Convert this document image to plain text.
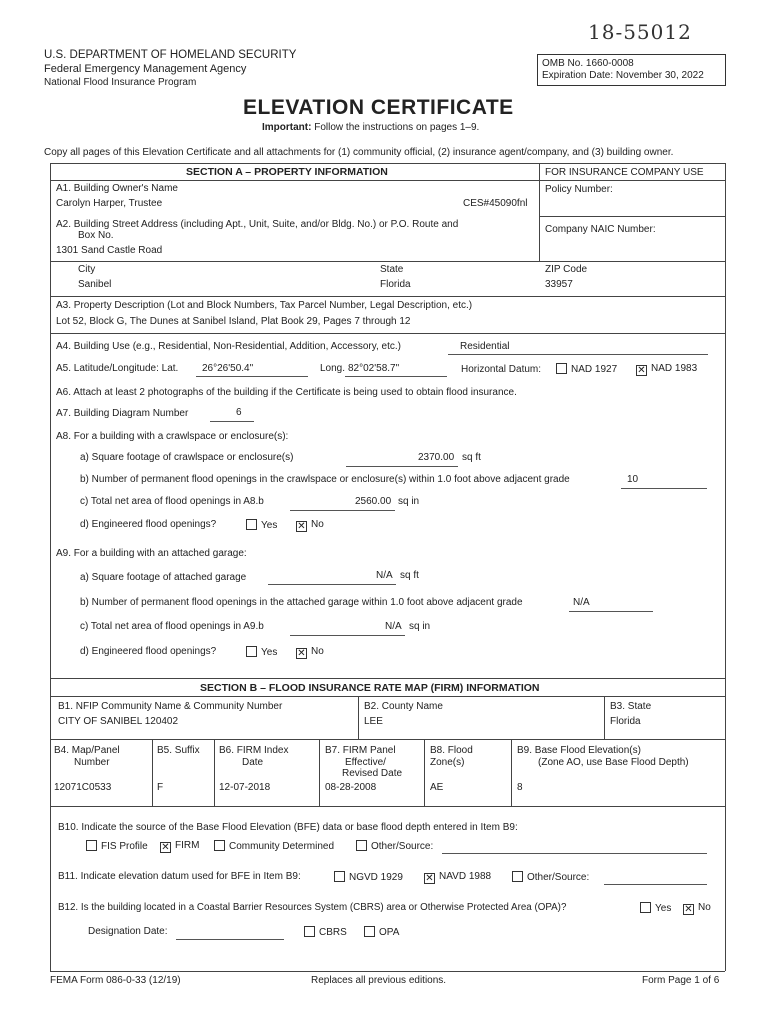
18-55012
U.S. DEPARTMENT OF HOMELAND SECURITY
Federal Emergency Management Agency
National Flood Insurance Program
OMB No. 1660-0008
Expiration Date: November 30, 2022
ELEVATION CERTIFICATE
Important: Follow the instructions on pages 1–9.
Copy all pages of this Elevation Certificate and all attachments for (1) community official, (2) insurance agent/company, and (3) building owner.
SECTION A – PROPERTY INFORMATION	FOR INSURANCE COMPANY USE
A1. Building Owner's Name
Carolyn Harper, Trustee	CES#45090fnl
Policy Number:
A2. Building Street Address (including Apt., Unit, Suite, and/or Bldg. No.) or P.O. Route and
Box No.
1301 Sand Castle Road
Company NAIC Number:
City
Sanibel
State
Florida
ZIP Code
33957
A3. Property Description (Lot and Block Numbers, Tax Parcel Number, Legal Description, etc.)
Lot 52, Block G, The Dunes at Sanibel Island, Plat Book 29, Pages 7 through 12
A4. Building Use (e.g., Residential, Non-Residential, Addition, Accessory, etc.)	Residential
A5. Latitude/Longitude: Lat. 26°26'50.4"	Long. 82°02'58.7"	Horizontal Datum:	NAD 1927 ✕ NAD 1983
A6. Attach at least 2 photographs of the building if the Certificate is being used to obtain flood insurance.
A7. Building Diagram Number	6
A8. For a building with a crawlspace or enclosure(s):
a) Square footage of crawlspace or enclosure(s)	2370.00 sq ft
b) Number of permanent flood openings in the crawlspace or enclosure(s) within 1.0 foot above adjacent grade	10
c) Total net area of flood openings in A8.b	2560.00 sq in
d) Engineered flood openings?	Yes ✕ No
A9. For a building with an attached garage:
a) Square footage of attached garage	N/A sq ft
b) Number of permanent flood openings in the attached garage within 1.0 foot above adjacent grade	N/A
c) Total net area of flood openings in A9.b	N/A sq in
d) Engineered flood openings?	Yes ✕ No
SECTION B – FLOOD INSURANCE RATE MAP (FIRM) INFORMATION
B1. NFIP Community Name & Community Number
CITY OF SANIBEL 120402
B2. County Name
LEE
B3. State
Florida
B4. Map/Panel
Number
12071C0533
B5. Suffix
F
B6. FIRM Index
Date
12-07-2018
B7. FIRM Panel
Effective/
Revised Date
08-28-2008
B8. Flood
Zone(s)
AE
B9. Base Flood Elevation(s)
(Zone AO, use Base Flood Depth)
8
B10. Indicate the source of the Base Flood Elevation (BFE) data or base flood depth entered in Item B9:
FIS Profile ✕ FIRM	Community Determined	Other/Source:
B11. Indicate elevation datum used for BFE in Item B9:	NGVD 1929 ✕ NAVD 1988	Other/Source:
B12. Is the building located in a Coastal Barrier Resources System (CBRS) area or Otherwise Protected Area (OPA)?	Yes ✕ No
Designation Date:	CBRS	OPA
FEMA Form 086-0-33 (12/19)	Replaces all previous editions.	Form Page 1 of 6
